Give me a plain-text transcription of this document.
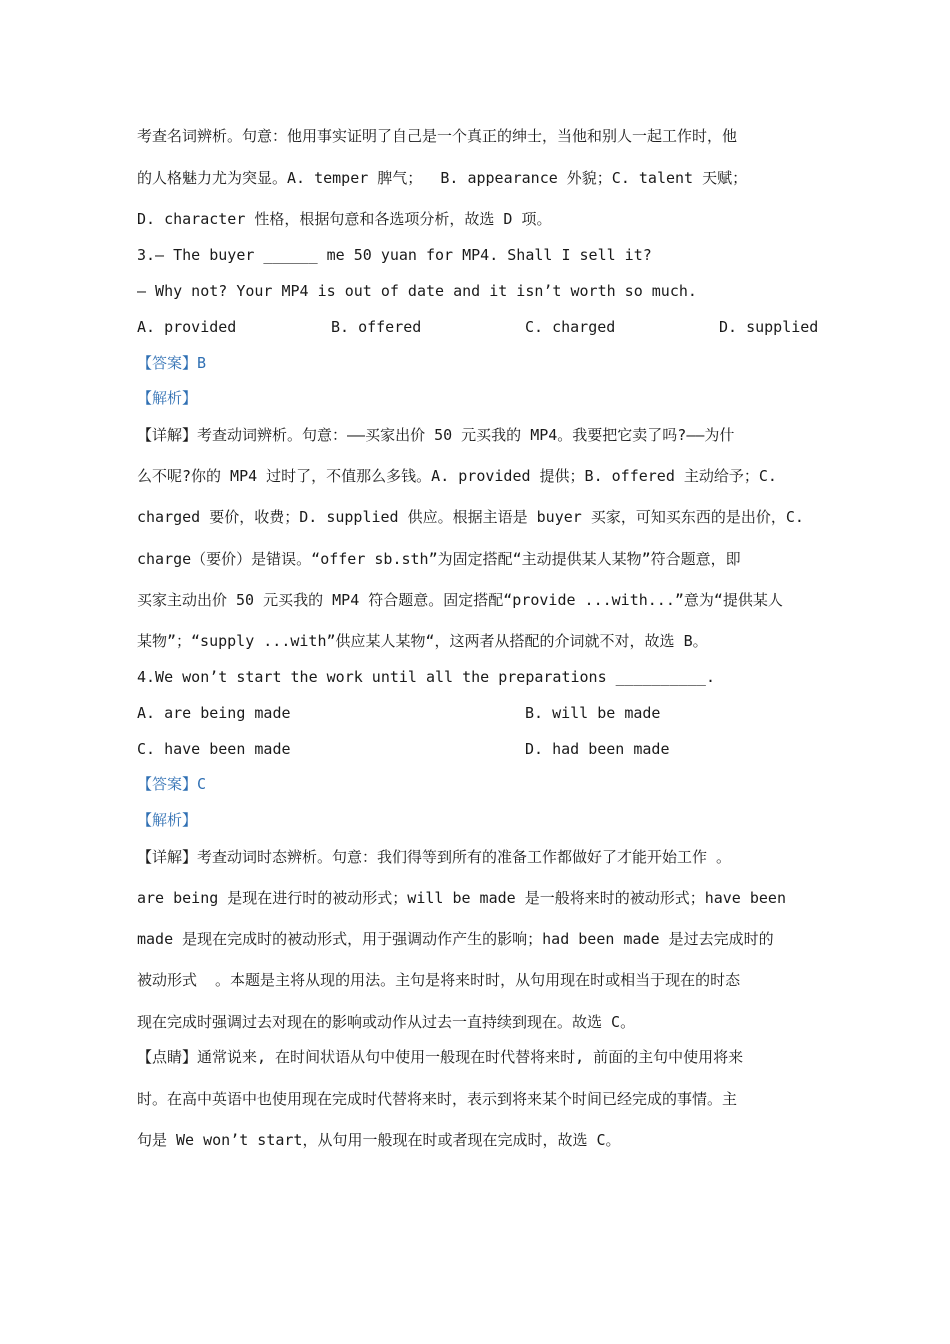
考查名词辨析。句意：他用事实证明了自己是一个真正的绅士，当他和别人一起工作时，他
的人格魅力尤为突显。A. temper 脾气；  B. appearance 外貌；C. talent 天赋；
D. character 性格，根据句意和各选项分析，故选 D 项。
3.— The buyer ______ me 50 yuan for MP4. Shall I sell it?
— Why not? Your MP4 is out of date and it isn’t worth so much.
A. provided	B. offered	C. charged	D. supplied
【答案】B
【解析】
【详解】考查动词辨析。句意：——买家出价 50 元买我的 MP4。我要把它卖了吗?——为什
么不呢?你的 MP4 过时了，不值那么多钱。A. provided 提供；B. offered 主动给予；C.
charged 要价，收费；D. supplied 供应。根据主语是 buyer 买家，可知买东西的是出价，C.
charge（要价）是错误。“offer sb.sth”为固定搭配“主动提供某人某物”符合题意，即
买家主动出价 50 元买我的 MP4 符合题意。固定搭配“provide ...with...”意为“提供某人
某物”；“supply ...with”供应某人某物“，这两者从搭配的介词就不对，故选 B。
4.We won’t start the work until all the preparations __________.
A. are being made	B. will be made
C. have been made	D. had been made
【答案】C
【解析】
【详解】考查动词时态辨析。句意：我们得等到所有的准备工作都做好了才能开始工作 。
are being 是现在进行时的被动形式；will be made 是一般将来时的被动形式；have been
made 是现在完成时的被动形式，用于强调动作产生的影响；had been made 是过去完成时的
被动形式  。本题是主将从现的用法。主句是将来时时，从句用现在时或相当于现在的时态
现在完成时强调过去对现在的影响或动作从过去一直持续到现在。故选 C。
【点睛】通常说来, 在时间状语从句中使用一般现在时代替将来时, 前面的主句中使用将来
时。在高中英语中也使用现在完成时代替将来时，表示到将来某个时间已经完成的事情。主
句是 We won’t start，从句用一般现在时或者现在完成时，故选 C。
